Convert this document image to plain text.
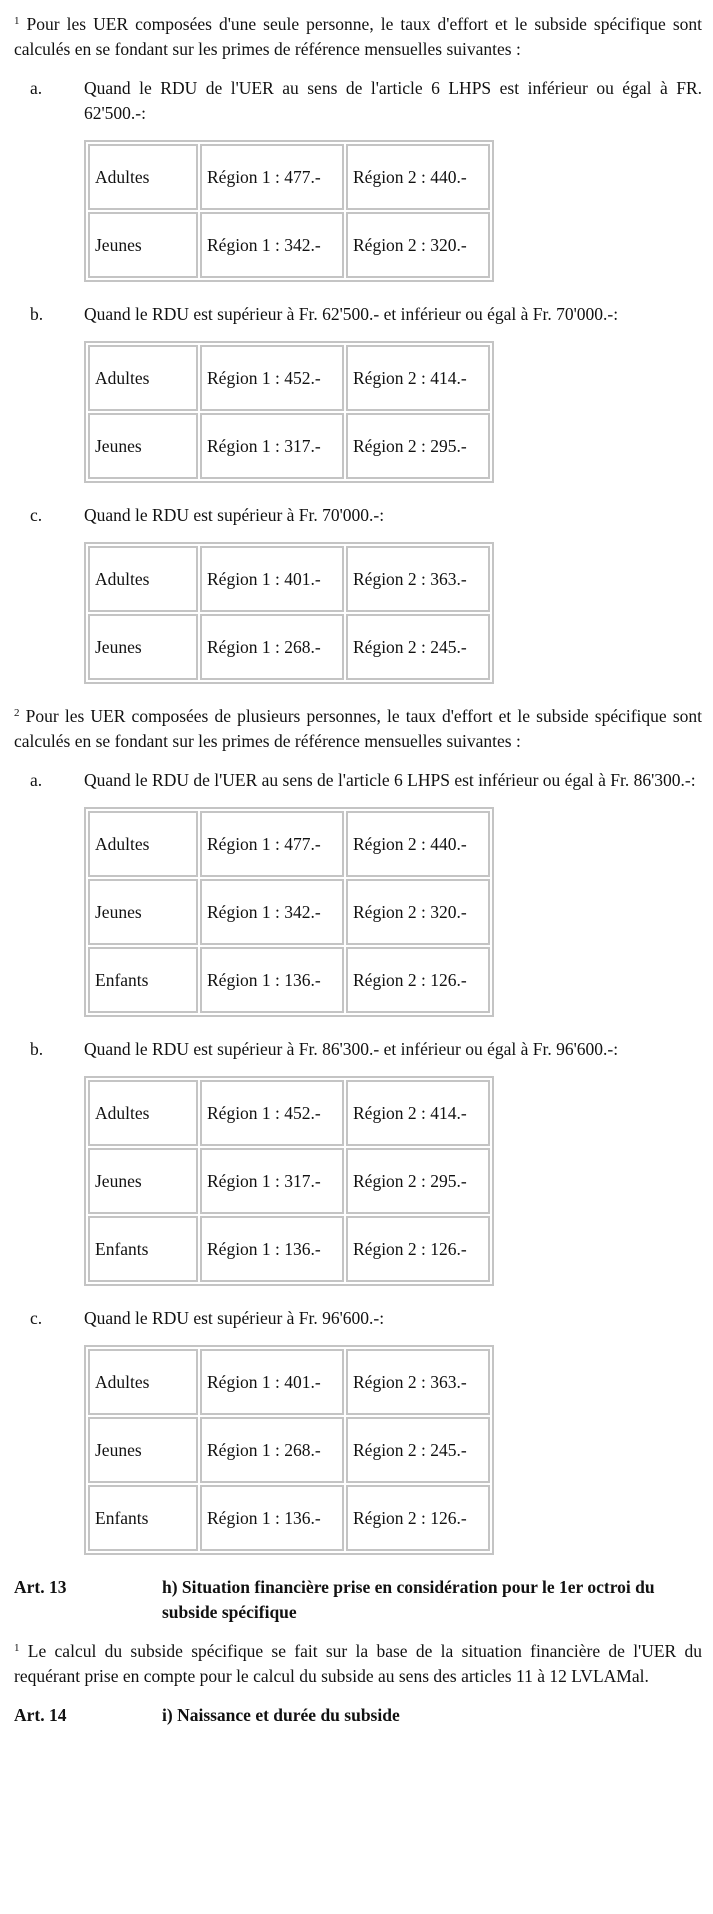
$^1$ Pour les UER composées d'une seule personne, le taux d'effort et le subside spécifique sont calculés en se fondant sur les primes de référence mensuelles suivantes :

a.	Quand le RDU de l'UER au sens de l'article 6 LHPS est inférieur ou égal à FR. 62'500.-:
Adultes	Région 1 : 477.-	Région 2 : 440.-
Jeunes	Région 1 : 342.-	Région 2 : 320.-
b.	Quand le RDU est supérieur à Fr. 62'500.- et inférieur ou égal à Fr. 70'000.-:
Adultes	Région 1 : 452.-	Région 2 : 414.-
Jeunes	Région 1 : 317.-	Région 2 : 295.-
c.	Quand le RDU est supérieur à Fr. 70'000.-:
Adultes	Région 1 : 401.-	Région 2 : 363.-
Jeunes	Région 1 : 268.-	Région 2 : 245.-

$^2$ Pour les UER composées de plusieurs personnes, le taux d'effort et le subside spécifique sont calculés en se fondant sur les primes de référence mensuelles suivantes :

a.	Quand le RDU de l'UER au sens de l'article 6 LHPS est inférieur ou égal à Fr. 86'300.-:
Adultes	Région 1 : 477.-	Région 2 : 440.-
Jeunes	Région 1 : 342.-	Région 2 : 320.-
Enfants	Région 1 : 136.-	Région 2 : 126.-
b.	Quand le RDU est supérieur à Fr. 86'300.- et inférieur ou égal à Fr. 96'600.-:
Adultes	Région 1 : 452.-	Région 2 : 414.-
Jeunes	Région 1 : 317.-	Région 2 : 295.-
Enfants	Région 1 : 136.-	Région 2 : 126.-
c.	Quand le RDU est supérieur à Fr. 96'600.-:
Adultes	Région 1 : 401.-	Région 2 : 363.-
Jeunes	Région 1 : 268.-	Région 2 : 245.-
Enfants	Région 1 : 136.-	Région 2 : 126.-
Art. 13	h) Situation financière prise en considération pour le 1er octroi du subside spécifique

$^1$ Le calcul du subside spécifique se fait sur la base de la situation financière de l'UER du requérant prise en compte pour le calcul du subside au sens des articles 11 à 12 LVLAMal.

Art. 14	i) Naissance et durée du subside
